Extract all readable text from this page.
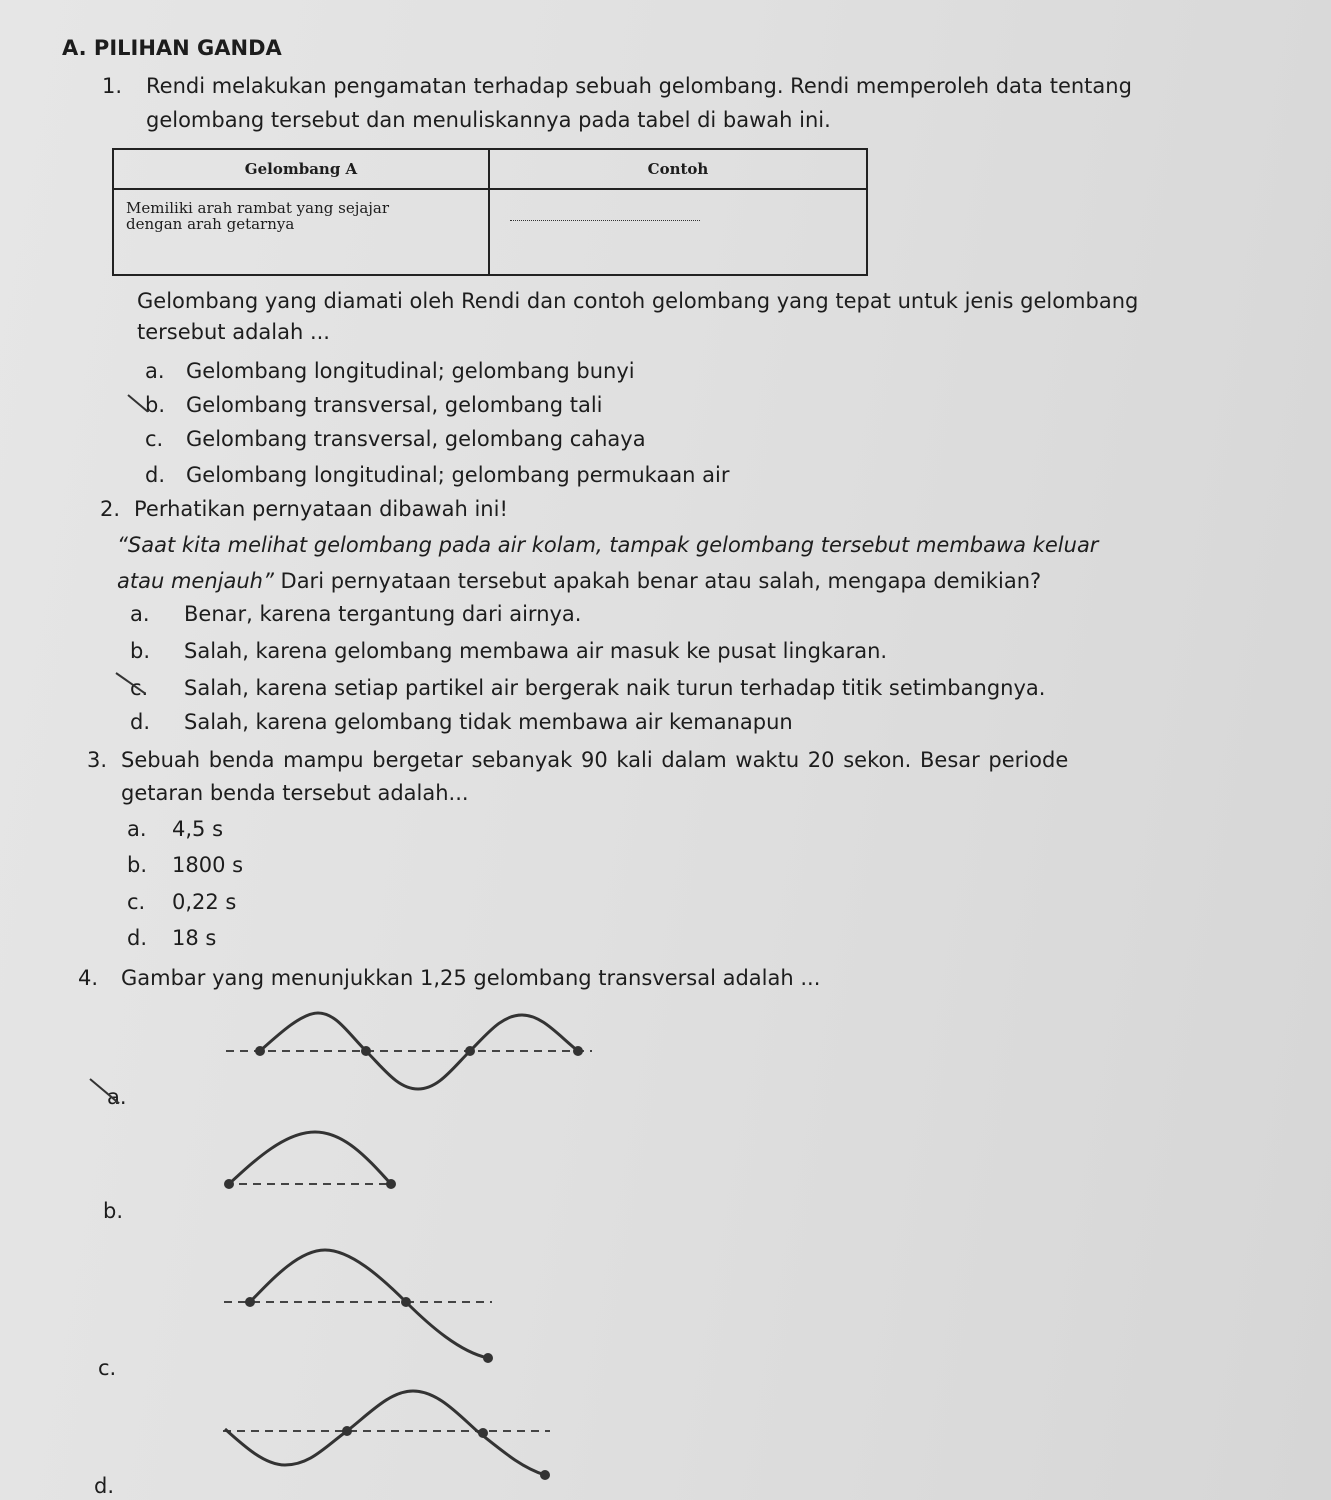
A. PILIHAN GANDA
1. Rendi melakukan pengamatan terhadap sebuah gelombang. Rendi memperoleh data tentang
gelombang tersebut dan menuliskannya pada tabel di bawah ini.
Gelombang A	Contoh

Memiliki arah rambat yang sejajar
dengan arah getarnya	

Gelombang yang diamati oleh Rendi dan contoh gelombang yang tepat untuk jenis gelombang
tersebut adalah ...
a. Gelombang longitudinal; gelombang bunyi
b. Gelombang transversal, gelombang tali
c. Gelombang transversal, gelombang cahaya
d. Gelombang longitudinal; gelombang permukaan air
2. Perhatikan pernyataan dibawah ini!
“Saat kita melihat gelombang pada air kolam, tampak gelombang tersebut membawa keluar
atau menjauh” Dari pernyataan tersebut apakah benar atau salah, mengapa demikian?
a. Benar, karena tergantung dari airnya.
b. Salah, karena gelombang membawa air masuk ke pusat lingkaran.
c. Salah, karena setiap partikel air bergerak naik turun terhadap titik setimbangnya.
d. Salah, karena gelombang tidak membawa air kemanapun
3. Sebuah benda mampu bergetar sebanyak 90 kali dalam waktu 20 sekon. Besar periode
getaran benda tersebut adalah...
a. 4,5 s
b. 1800 s
c. 0,22 s
d. 18 s
4. Gambar yang menunjukkan 1,25 gelombang transversal adalah ...
a.
b.
c.
d.
